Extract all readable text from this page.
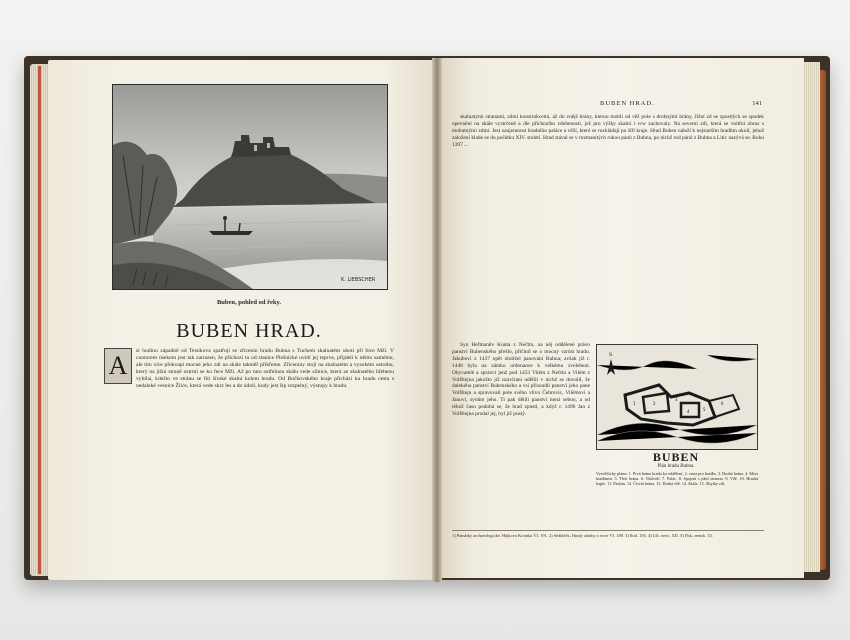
K. LIEBSCHER
Buben, pohled od řeky.
BUBEN HRAD.
A	si hodinu západně od Tetsikova spatřují se zřícenin hradu Bubna s Tuchem skalnatém ubotí při řece Mži. V contorem úsekem jest tak zatrazen, že příchozí tu od stanice Plešnické uvidí jej teprve, přijdeli k němu samému, ale tím více překvapí mocné jeho zdi na skále takměř příkřeme. Zřiceniny stojí na skalnatém a vysokém ostrohu, který na jižní straně ostrmí se ku řece Mži. Až po tuto ostřelnou skálu vede silnice, která ze skalnatého hřebenu vybíhá, kdežto ve stránu se řítí šíroké skalní kolem hradu. Od Bočkovského kraje přichází ku hradu cesta s nedaleké vesnice Žilov, která vede skrz les a do údolí, kudy jest šíp rozpelný, výstupy k hradu.
BUBEN HRAD.	141

skalnatými stranami, zdmi konstrukcemi, až do vnějš brány, kterou mohli od věž pole s drobnými brány, Jižní zd se zpustlých se spodek opevnění na skále vystrčeně a dle příchozího zdobenosti, jež pro výšky skalní i vrw zachovaly. Na severní zdí, která se vnitřní obraz s mohutnými zdmi. Jest zaujemnost hradního paláce a věží, které se rozkládají po šíři kraje. Hrad Buben náleží k nejstarším hradům okolí, jehož založení klade se do počátku XIV. století. Hrad stával se v rozmanitých rukou pánů z Bubna, po nichž rod pánů z Bubna a Litic nazývá se. Roku 1397 ...

Syn Heřmanův Kunta z Nečtin, na něj oddělené právo panství Bubenského přešlo, přičinil se o mocný vzrůst hradu. Jakubovi z 1437 opět obdržel panování Bubna; avšak již r. 1448 byla na zámku ordonance k velkému zvelebení. Obyvatelé a správci jenž pod 1453 Vilém z Nečtin a Vilém z Volfštejna jakožto již uzavíraní udělili v nichž se dovolil, že dalekého panství Bubenského a vsi přisoudil panství jeho pane Volfštejn a spravovali pole svého vlivu Čehrovic, Vilémovi a Janovi, synům jeho. Ti pak dělili panství mezi sebou, a od téhož času podobá se, že hrad zpustl, a když r. 1496 Jan z Volfštejna prodal jej, byl již pustý.

S
1	2
3
4	5
6
BUBEN
Plán hradu Bubna.
Vysvětlivky plánu: 1. Prvá brána hradu ku oddělení, 2. cesta pro bradbr, 3. Druhá brána. 4. Mezi hradbami. 5. Třetí brána. 6. Nádvoří. 7. Palác. 8. Spojení s jižní stranou. 9. Věž. 10. Hradní kaple. 11. Parkán. 12. Čtvrtá brána. 13. Druhá věž. 14. Skála. 15. Zbytky zdí.
1) Památky archaeologické. Hájkova Kronika VI. 191. 2) Sedláček, Hrady zámky a tvrze VI. 188. 3) Ibid. 156. 4) Lib. erect. XII. 5) Dsk. zemsk. 33.
